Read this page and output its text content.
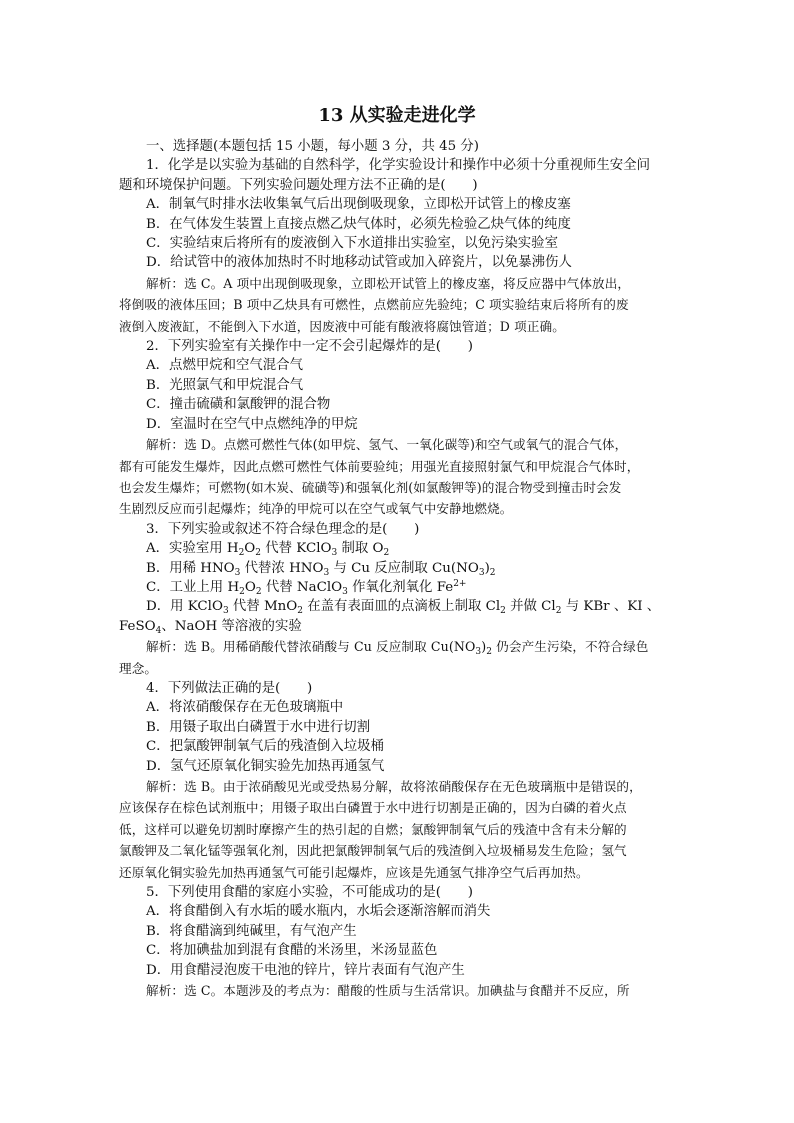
13 从实验走进化学

一、选择题(本题包括 15 小题，每小题 3 分，共 45 分)

1．化学是以实验为基础的自然科学，化学实验设计和操作中必须十分重视师生安全问

题和环境保护问题。下列实验问题处理方法不正确的是(　　)

A．制氧气时排水法收集氧气后出现倒吸现象，立即松开试管上的橡皮塞

B．在气体发生装置上直接点燃乙炔气体时，必须先检验乙炔气体的纯度

C．实验结束后将所有的废液倒入下水道排出实验室，以免污染实验室

D．给试管中的液体加热时不时地移动试管或加入碎瓷片，以免暴沸伤人

解析：选 C。A 项中出现倒吸现象，立即松开试管上的橡皮塞，将反应器中气体放出，

将倒吸的液体压回；B 项中乙炔具有可燃性，点燃前应先验纯；C 项实验结束后将所有的废

液倒入废液缸，不能倒入下水道，因废液中可能有酸液将腐蚀管道；D 项正确。

2．下列实验室有关操作中一定不会引起爆炸的是(　　)

A．点燃甲烷和空气混合气

B．光照氯气和甲烷混合气

C．撞击硫磺和氯酸钾的混合物

D．室温时在空气中点燃纯净的甲烷

解析：选 D。点燃可燃性气体(如甲烷、氢气、一氧化碳等)和空气或氧气的混合气体，

都有可能发生爆炸，因此点燃可燃性气体前要验纯；用强光直接照射氯气和甲烷混合气体时，

也会发生爆炸；可燃物(如木炭、硫磺等)和强氧化剂(如氯酸钾等)的混合物受到撞击时会发

生剧烈反应而引起爆炸；纯净的甲烷可以在空气或氧气中安静地燃烧。

3．下列实验或叙述不符合绿色理念的是(　　)

A．实验室用 $H_2O_2$ 代替 KClO$_3$ 制取 $O_2$

B．用稀 $HNO_3$ 代替浓 $HNO_3$ 与 Cu 反应制取 $Cu(NO_3)_2$

C．工业上用 $H_2O_2$ 代替 NaClO$_3$ 作氧化剂氧化 $Fe^{2+}$

D．用 KClO$_3$ 代替 MnO$_2$ 在盖有表面皿的点滴板上制取 $Cl_2$ 并做 $Cl_2$ 与 KBr 、KI 、

FeSO$_4$、NaOH 等溶液的实验

解析：选 B。用稀硝酸代替浓硝酸与 Cu 反应制取 $Cu(NO_3)_2$ 仍会产生污染，不符合绿色

理念。

4．下列做法正确的是(　　)

A．将浓硝酸保存在无色玻璃瓶中

B．用镊子取出白磷置于水中进行切割

C．把氯酸钾制氧气后的残渣倒入垃圾桶

D．氢气还原氧化铜实验先加热再通氢气

解析：选 B。由于浓硝酸见光或受热易分解，故将浓硝酸保存在无色玻璃瓶中是错误的，

应该保存在棕色试剂瓶中；用镊子取出白磷置于水中进行切割是正确的，因为白磷的着火点

低，这样可以避免切割时摩擦产生的热引起的自燃；氯酸钾制氧气后的残渣中含有未分解的

氯酸钾及二氧化锰等强氧化剂，因此把氯酸钾制氧气后的残渣倒入垃圾桶易发生危险；氢气

还原氧化铜实验先加热再通氢气可能引起爆炸，应该是先通氢气排净空气后再加热。

5．下列使用食醋的家庭小实验，不可能成功的是(　　)

A．将食醋倒入有水垢的暖水瓶内，水垢会逐渐溶解而消失

B．将食醋滴到纯碱里，有气泡产生

C．将加碘盐加到混有食醋的米汤里，米汤显蓝色

D．用食醋浸泡废干电池的锌片，锌片表面有气泡产生

解析：选 C。本题涉及的考点为：醋酸的性质与生活常识。加碘盐与食醋并不反应，所
